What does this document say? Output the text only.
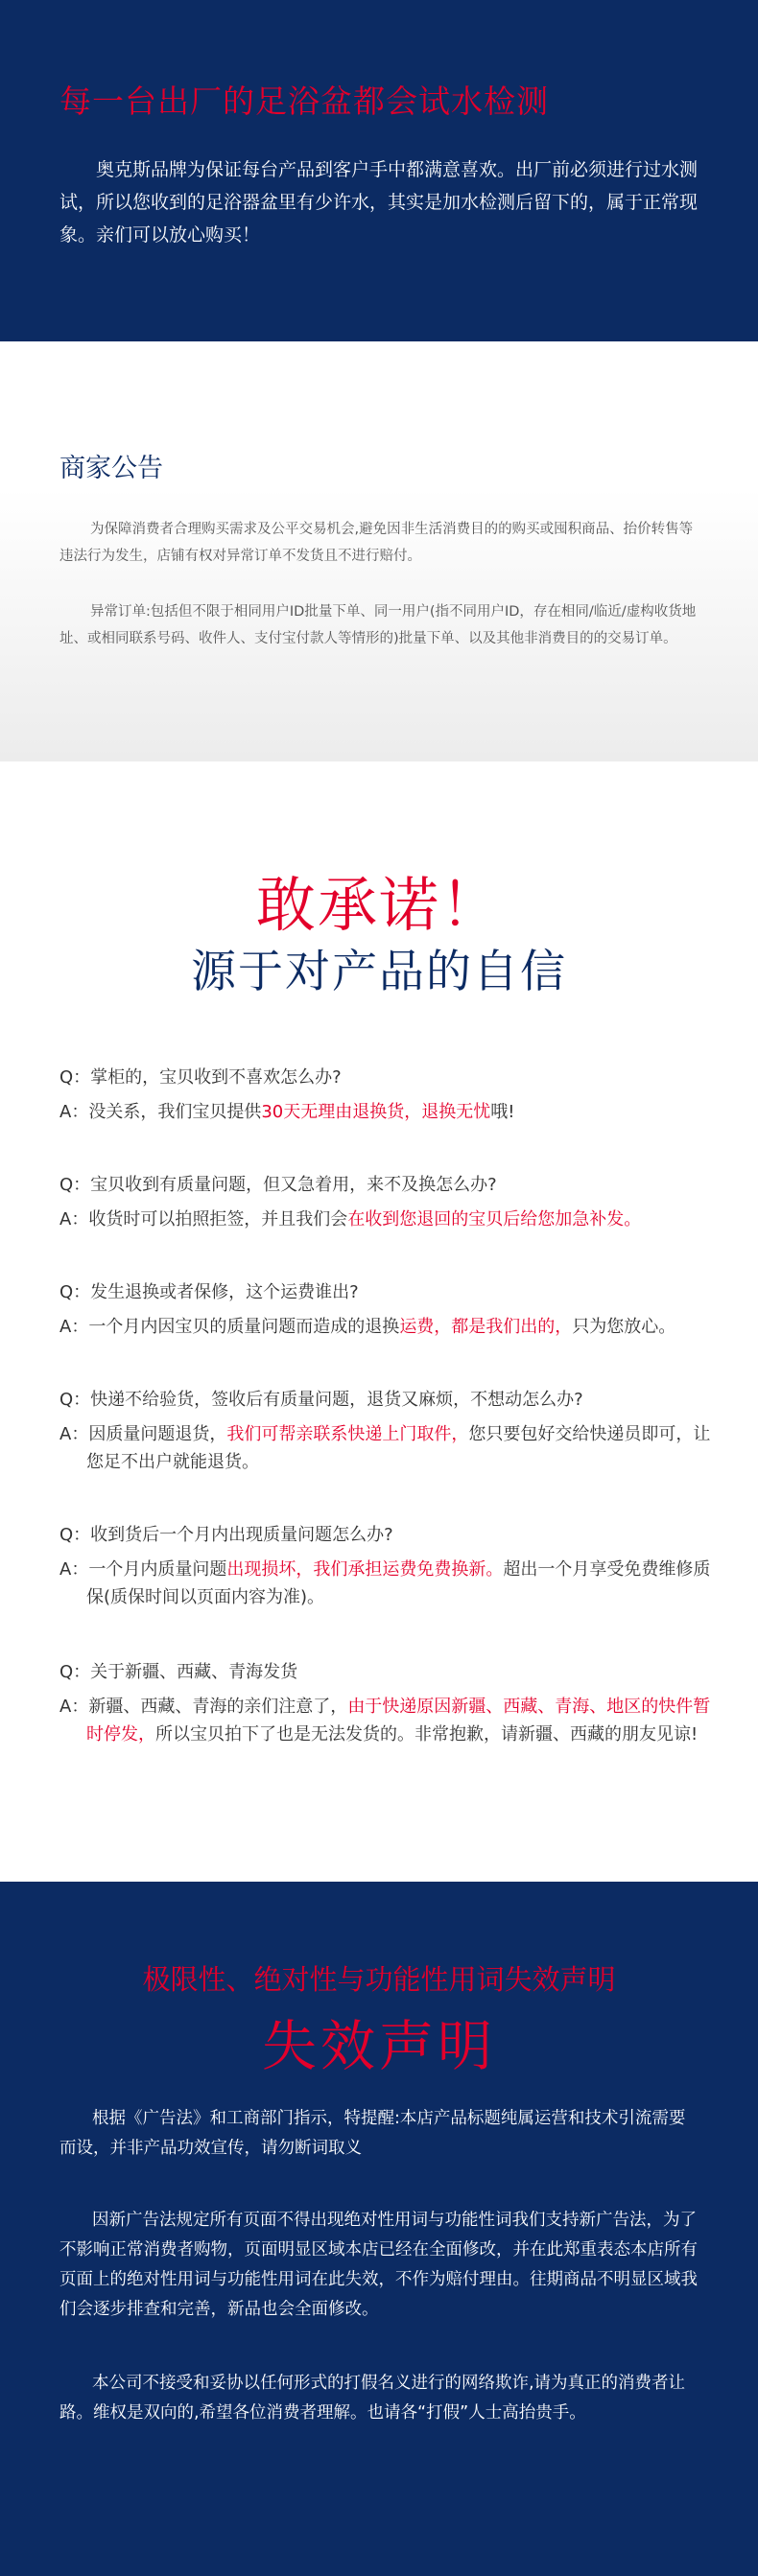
每一台出厂的足浴盆都会试水检测
奥克斯品牌为保证每台产品到客户手中都满意喜欢。出厂前必须进行过水测试，所以您收到的足浴器盆里有少许水，其实是加水检测后留下的，属于正常现象。亲们可以放心购买！
商家公告
为保障消费者合理购买需求及公平交易机会,避免因非生活消费目的的购买或囤积商品、抬价转售等违法行为发生，店铺有权对异常订单不发货且不进行赔付。
异常订单:包括但不限于相同用户ID批量下单、同一用户(指不同用户ID，存在相同/临近/虚构收货地址、或相同联系号码、收件人、支付宝付款人等情形的)批量下单、以及其他非消费目的的交易订单。
敢承诺！
源于对产品的自信
Q：掌柜的，宝贝收到不喜欢怎么办?
A：没关系，我们宝贝提供30天无理由退换货，退换无忧哦!
Q：宝贝收到有质量问题，但又急着用，来不及换怎么办?
A：收货时可以拍照拒签，并且我们会在收到您退回的宝贝后给您加急补发。
Q：发生退换或者保修，这个运费谁出?
A：一个月内因宝贝的质量问题而造成的退换运费，都是我们出的，只为您放心。
Q：快递不给验货，签收后有质量问题，退货又麻烦，不想动怎么办?
A：因质量问题退货，我们可帮亲联系快递上门取件，您只要包好交给快递员即可，让您足不出户就能退货。
Q：收到货后一个月内出现质量问题怎么办?
A：一个月内质量问题出现损坏，我们承担运费免费换新。超出一个月享受免费维修质保(质保时间以页面内容为准)。
Q：关于新疆、西藏、青海发货
A：新疆、西藏、青海的亲们注意了，由于快递原因新疆、西藏、青海、地区的快件暂时停发，所以宝贝拍下了也是无法发货的。非常抱歉，请新疆、西藏的朋友见谅!
极限性、绝对性与功能性用词失效声明
失效声明
根据《广告法》和工商部门指示，特提醒:本店产品标题纯属运营和技术引流需要而设，并非产品功效宣传，请勿断词取义
因新广告法规定所有页面不得出现绝对性用词与功能性词我们支持新广告法，为了不影响正常消费者购物，页面明显区域本店已经在全面修改，并在此郑重表态本店所有页面上的绝对性用词与功能性用词在此失效，不作为赔付理由。往期商品不明显区域我们会逐步排查和完善，新品也会全面修改。
本公司不接受和妥协以任何形式的打假名义进行的网络欺诈,请为真正的消费者让路。维权是双向的,希望各位消费者理解。也请各“打假”人士高抬贵手。
